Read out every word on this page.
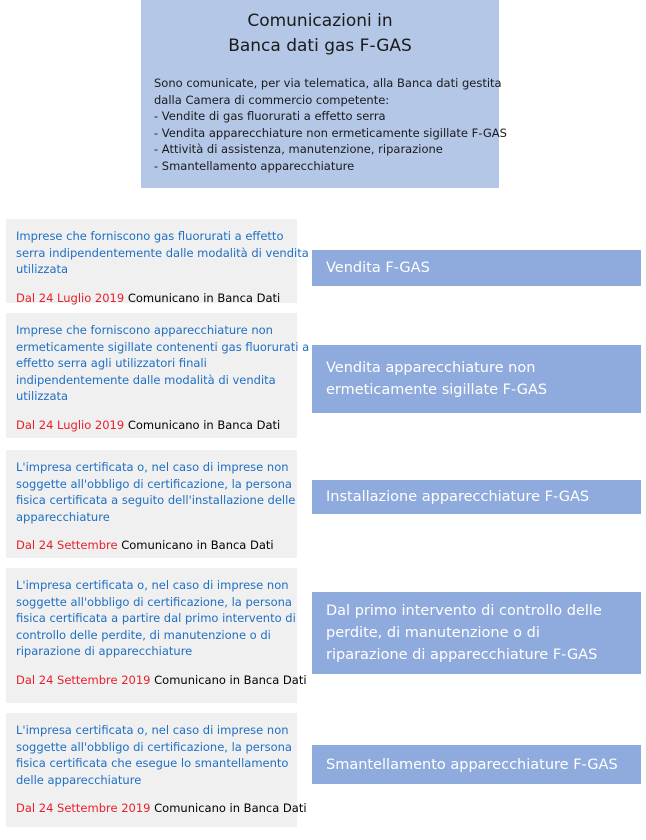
Comunicazioni in
Banca dati gas F-GAS
Sono comunicate, per via telematica, alla Banca dati gestita
dalla Camera di commercio competente:
- Vendite di gas fluorurati a effetto serra
- Vendita apparecchiature non ermeticamente sigillate F-GAS
- Attività di assistenza, manutenzione, riparazione
- Smantellamento apparecchiature
Imprese che forniscono gas fluorurati a effetto
serra indipendentemente dalle modalità di vendita
utilizzata
Dal 24 Luglio 2019 Comunicano in Banca Dati
Vendita F-GAS
Imprese che forniscono apparecchiature non
ermeticamente sigillate contenenti gas fluorurati a
effetto serra agli utilizzatori finali
indipendentemente dalle modalità di vendita
utilizzata
Dal 24 Luglio 2019 Comunicano in Banca Dati
Vendita apparecchiature non
ermeticamente sigillate F-GAS
L'impresa certificata o, nel caso di imprese non
soggette all'obbligo di certificazione, la persona
fisica certificata a seguito dell'installazione delle
apparecchiature
Dal 24 Settembre Comunicano in Banca Dati
Installazione apparecchiature F-GAS
L'impresa certificata o, nel caso di imprese non
soggette all'obbligo di certificazione, la persona
fisica certificata a partire dal primo intervento di
controllo delle perdite, di manutenzione o di
riparazione di apparecchiature
Dal 24 Settembre 2019 Comunicano in Banca Dati
Dal primo intervento di controllo delle
perdite, di manutenzione o di
riparazione di apparecchiature F-GAS
L'impresa certificata o, nel caso di imprese non
soggette all'obbligo di certificazione, la persona
fisica certificata che esegue lo smantellamento
delle apparecchiature
Dal 24 Settembre 2019 Comunicano in Banca Dati
Smantellamento apparecchiature F-GAS
